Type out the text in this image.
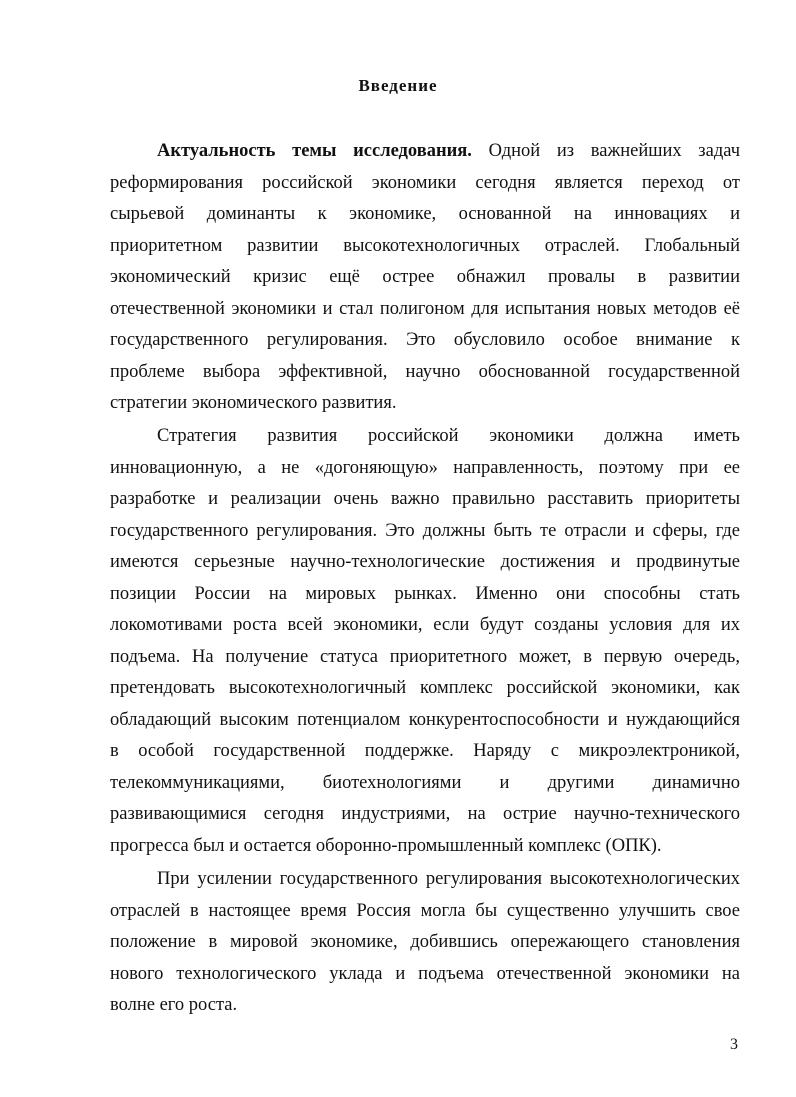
Введение
Актуальность темы исследования. Одной из важнейших задач
реформирования российской экономики сегодня является переход от
сырьевой доминанты к экономике, основанной на инновациях и
приоритетном развитии высокотехнологичных отраслей. Глобальный
экономический кризис ещё острее обнажил провалы в развитии
отечественной экономики и стал полигоном для испытания новых методов её
государственного регулирования. Это обусловило особое внимание к
проблеме выбора эффективной, научно обоснованной государственной
стратегии экономического развития.
Стратегия развития российской экономики должна иметь
инновационную, а не «догоняющую» направленность, поэтому при ее
разработке и реализации очень важно правильно расставить приоритеты
государственного регулирования. Это должны быть те отрасли и сферы, где
имеются серьезные научно-технологические достижения и продвинутые
позиции России на мировых рынках. Именно они способны стать
локомотивами роста всей экономики, если будут созданы условия для их
подъема. На получение статуса приоритетного может, в первую очередь,
претендовать высокотехнологичный комплекс российской экономики, как
обладающий высоким потенциалом конкурентоспособности и нуждающийся
в особой государственной поддержке. Наряду с микроэлектроникой,
телекоммуникациями, биотехнологиями и другими динамично
развивающимися сегодня индустриями, на острие научно-технического
прогресса был и остается оборонно-промышленный комплекс (ОПК).
При усилении государственного регулирования высокотехнологических
отраслей в настоящее время Россия могла бы существенно улучшить свое
положение в мировой экономике, добившись опережающего становления
нового технологического уклада и подъема отечественной экономики на
волне его роста.
3
